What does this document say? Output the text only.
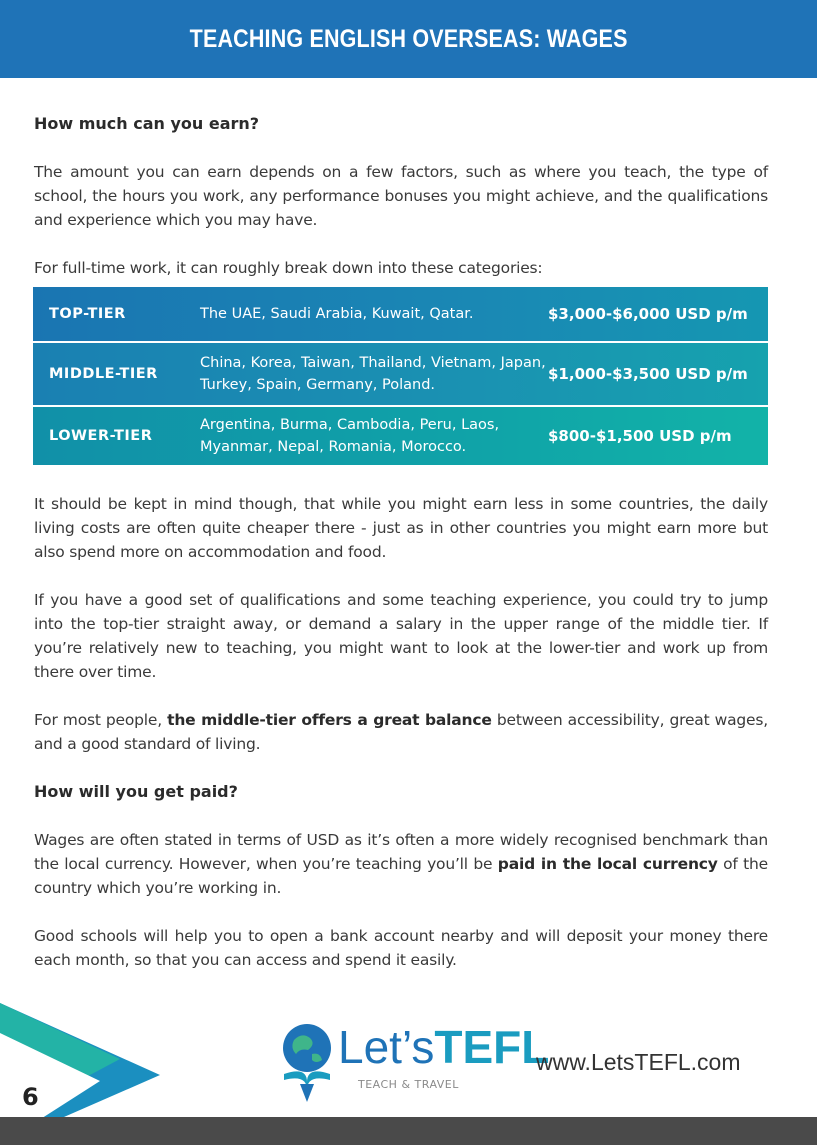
TEACHING ENGLISH OVERSEAS: WAGES

How much can you earn?

The amount you can earn depends on a few factors, such as where you teach, the type of school, the hours you work, any performance bonuses you might achieve, and the qualifications and experience which you may have.

For full-time work, it can roughly break down into these categories:

TOP-TIER	The UAE, Saudi Arabia, Kuwait, Qatar.	$3,000-$6,000 USD p/m
MIDDLE-TIER
China, Korea, Taiwan, Thailand, Vietnam, Japan, Turkey, Spain, Germany, Poland.
$1,000-$3,500 USD p/m
LOWER-TIER
Argentina, Burma, Cambodia, Peru, Laos, Myanmar, Nepal, Romania, Morocco.
$800-$1,500 USD p/m

It should be kept in mind though, that while you might earn less in some countries, the daily living costs are often quite cheaper there - just as in other countries you might earn more but also spend more on accommodation and food.

If you have a good set of qualifications and some teaching experience, you could try to jump into the top-tier straight away, or demand a salary in the upper range of the middle tier. If you’re relatively new to teaching, you might want to look at the lower-tier and work up from there over time.

For most people, the middle-tier offers a great balance between accessibility, great wages, and a good standard of living.

How will you get paid?

Wages are often stated in terms of USD as it’s often a more widely recognised benchmark than the local currency. However, when you’re teaching you’ll be paid in the local currency of the country which you’re working in.

Good schools will help you to open a bank account nearby and will deposit your money there each month, so that you can access and spend it easily.

6
Let’sTEFL
TEACH & TRAVEL
www.LetsTEFL.com
